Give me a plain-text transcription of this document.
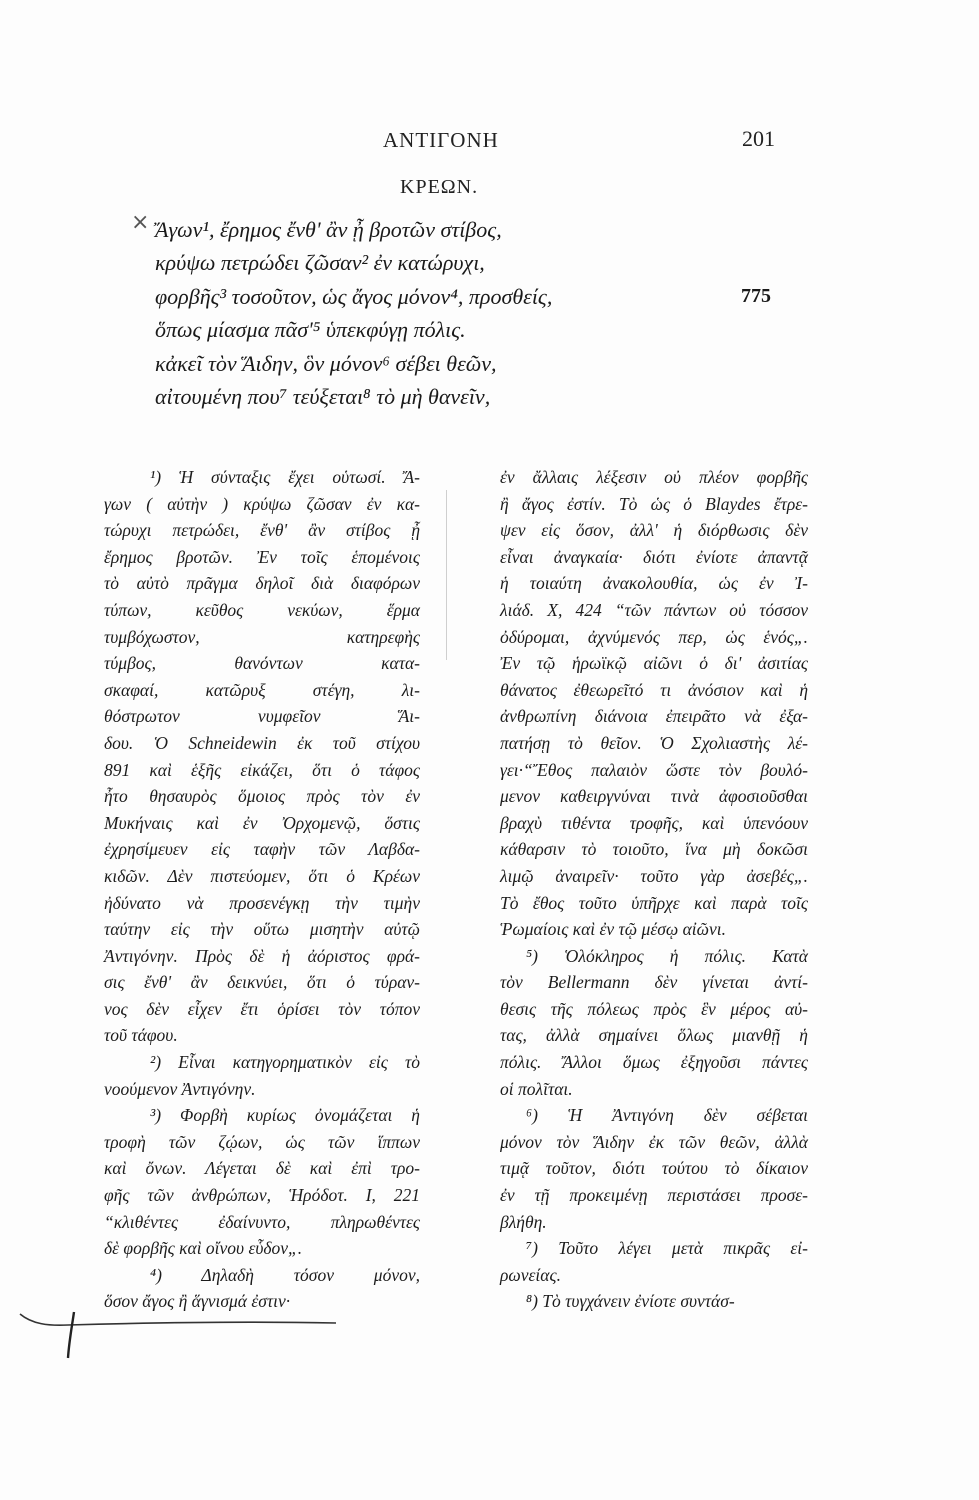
ΑΝΤΙΓΟΝΗ	201
ΚΡΕΩΝ.
× Ἄγων¹, ἔρημος ἔνθ' ἂν ᾖ βροτῶν στίβος,
κρύψω πετρώδει ζῶσαν² ἐν κατώρυχι,
φορβῆς³ τοσοῦτον, ὡς ἄγος μόνον⁴, προσθείς,	775
ὅπως μίασμα πᾶσ'⁵ ὑπεκφύγῃ πόλις.
κἀκεῖ τὸν Ἅιδην, ὃν μόνον⁶ σέβει θεῶν,
αἰτουμένη που⁷ τεύξεται⁸ τὸ μὴ θανεῖν,
¹) Ἡ σύνταξις ἔχει οὑτωσί. Ἄ-
γων ( αὐτὴν ) κρύψω ζῶσαν ἐν κα-
τώρυχι πετρώδει, ἔνθ' ἂν στίβος ᾖ
ἔρημος βροτῶν. Ἐν τοῖς ἑπομένοις
τὸ αὐτὸ πρᾶγμα δηλοῖ διὰ διαφόρων
τύπων, κεῦθος νεκύων, ἕρμα
τυμβόχωστον, κατηρεφὴς
τύμβος, θανόντων κατα-
σκαφαί, κατῶρυξ στέγη, λι-
θόστρωτον νυμφεῖον Ἅι-
δου. Ὁ Schneidewin ἐκ τοῦ στίχου
891 καὶ ἑξῆς εἰκάζει, ὅτι ὁ τάφος
ἦτο θησαυρὸς ὅμοιος πρὸς τὸν ἐν
Μυκήναις καὶ ἐν Ὀρχομενῷ, ὅστις
ἐχρησίμευεν εἰς ταφὴν τῶν Λαβδα-
κιδῶν. Δὲν πιστεύομεν, ὅτι ὁ Κρέων
ἠδύνατο νὰ προσενέγκῃ τὴν τιμὴν
ταύτην εἰς τὴν οὕτω μισητὴν αὐτῷ
Ἀντιγόνην. Πρὸς δὲ ἡ ἀόριστος φρά-
σις ἔνθ' ἂν δεικνύει, ὅτι ὁ τύραν-
νος δὲν εἶχεν ἔτι ὁρίσει τὸν τόπον
τοῦ τάφου.
²) Εἶναι κατηγορηματικὸν εἰς τὸ
νοούμενον Ἀντιγόνην.
³) Φορβὴ κυρίως ὀνομάζεται ἡ
τροφὴ τῶν ζῴων, ὡς τῶν ἵππων
καὶ ὄνων. Λέγεται δὲ καὶ ἐπὶ τρο-
φῆς τῶν ἀνθρώπων, Ἡρόδοτ. I, 221
“κλιθέντες ἐδαίνυντο, πληρωθέντες
δὲ φορβῆς καὶ οἴνου εὗδον„.
⁴) Δηλαδὴ τόσον μόνον,
ὅσον ἄγος ἢ ἅγνισμά ἐστιν·
ἐν ἄλλαις λέξεσιν οὐ πλέον φορβῆς
ἢ ἄγος ἐστίν. Τὸ ὡς ὁ Blaydes ἔτρε-
ψεν εἰς ὅσον, ἀλλ' ἡ διόρθωσις δὲν
εἶναι ἀναγκαία· διότι ἐνίοτε ἀπαντᾷ
ἡ τοιαύτη ἀνακολουθία, ὡς ἐν Ἰ-
λιάδ. X, 424 “τῶν πάντων οὐ τόσσον
ὀδύρομαι, ἀχνύμενός περ, ὡς ἑνός„.
Ἐν τῷ ἡρωϊκῷ αἰῶνι ὁ δι' ἀσιτίας
θάνατος ἐθεωρεῖτό τι ἀνόσιον καὶ ἡ
ἀνθρωπίνη διάνοια ἐπειρᾶτο νὰ ἐξα-
πατήσῃ τὸ θεῖον. Ὁ Σχολιαστὴς λέ-
γει·“Ἔθος παλαιὸν ὥστε τὸν βουλό-
μενον καθειργνύναι τινὰ ἀφοσιοῦσθαι
βραχὺ τιθέντα τροφῆς, καὶ ὑπενόουν
κάθαρσιν τὸ τοιοῦτο, ἵνα μὴ δοκῶσι
λιμῷ ἀναιρεῖν· τοῦτο γὰρ ἀσεβές„.
Τὸ ἔθος τοῦτο ὑπῆρχε καὶ παρὰ τοῖς
Ῥωμαίοις καὶ ἐν τῷ μέσῳ αἰῶνι.
⁵) Ὁλόκληρος ἡ πόλις. Κατὰ
τὸν Bellermann δὲν γίνεται ἀντί-
θεσις τῆς πόλεως πρὸς ἓν μέρος αὐ-
τας, ἀλλὰ σημαίνει ὅλως μιανθῇ ἡ
πόλις. Ἄλλοι ὅμως ἐξηγοῦσι πάντες
οἱ πολῖται.
⁶) Ἡ Ἀντιγόνη δὲν σέβεται
μόνον τὸν Ἅιδην ἐκ τῶν θεῶν, ἀλλὰ
τιμᾷ τοῦτον, διότι τούτου τὸ δίκαιον
ἐν τῇ προκειμένῃ περιστάσει προσε-
βλήθη.
⁷) Τοῦτο λέγει μετὰ πικρᾶς εἰ-
ρωνείας.
⁸) Τὸ τυγχάνειν ἐνίοτε συντάσ-
